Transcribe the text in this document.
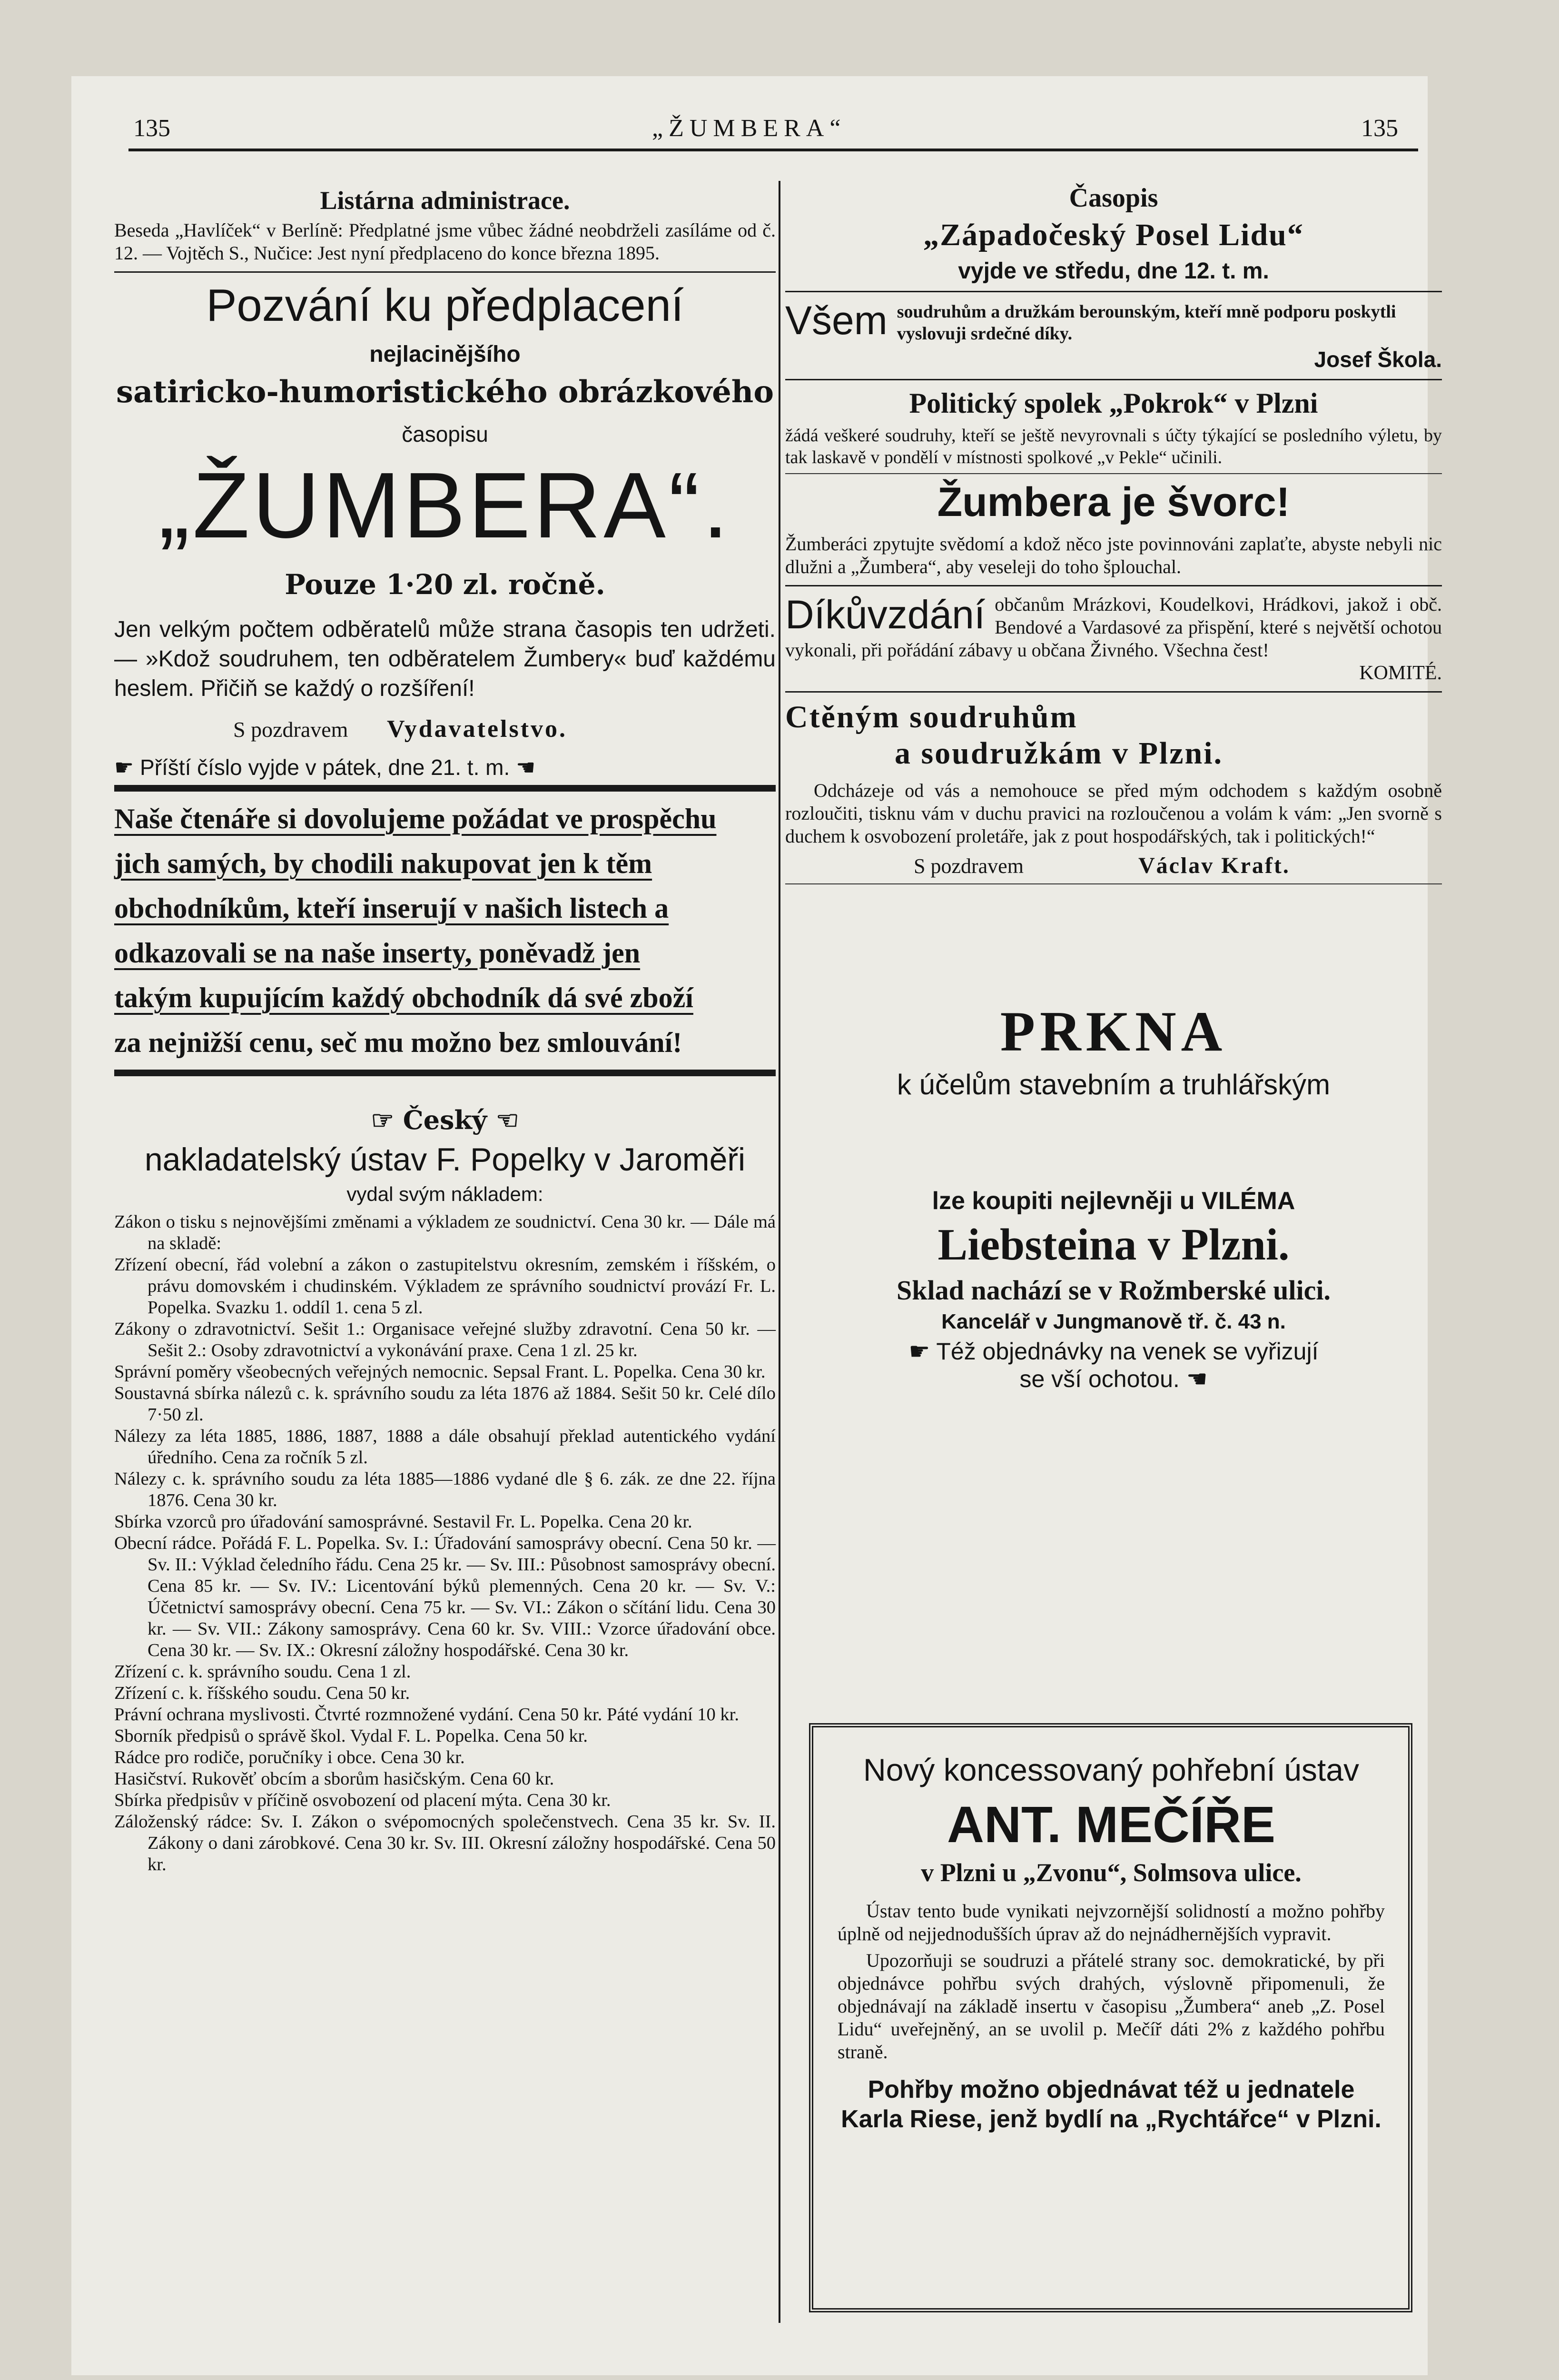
135	„ŽUMBERA“	135

Listárna administrace.

Beseda „Havlíček“ v Berlíně: Předplatné jsme vůbec žádné neobdrželi zasíláme od č. 12. — Vojtěch S., Nučice: Jest nyní předplaceno do konce března 1895.

Pozvání ku předplacení

nejlacinějšího

satiricko-humoristického obrázkového

časopisu

„ŽUMBERA“.

Pouze 1·20 zl. ročně.

Jen velkým počtem odběratelů může strana časopis ten udržeti. — »Kdož soudruhem, ten odběratelem Žumbery« buď každému heslem. Přičiň se každý o rozšíření!

S pozdravem Vydavatelstvo.

☛ Příští číslo vyjde v pátek, dne 21. t. m. ☚

Naše čtenáře si dovolujeme požádat ve prospěchu

jich samých, by chodili nakupovat jen k těm

obchodníkům, kteří inserují v našich listech a

odkazovali se na naše inserty, poněvadž jen

takým kupujícím každý obchodník dá své zboží

za nejnižší cenu, seč mu možno bez smlouvání!

☞ Český ☜

nakladatelský ústav F. Popelky v Jaroměři

vydal svým nákladem:

Zákon o tisku s nejnovějšími změnami a výkladem ze soudnictví. Cena 30 kr. — Dále má na skladě:

Zřízení obecní, řád volební a zákon o zastupitelstvu okresním, zemském i říšském, o právu domovském i chudinském. Výkladem ze správního soudnictví provází Fr. L. Popelka. Svazku 1. oddíl 1. cena 5 zl.

Zákony o zdravotnictví. Sešit 1.: Organisace veřejné služby zdravotní. Cena 50 kr. — Sešit 2.: Osoby zdravotnictví a vykonávání praxe. Cena 1 zl. 25 kr.

Správní poměry všeobecných veřejných nemocnic. Sepsal Frant. L. Popelka. Cena 30 kr.

Soustavná sbírka nálezů c. k. správního soudu za léta 1876 až 1884. Sešit 50 kr. Celé dílo 7·50 zl.

Nálezy za léta 1885, 1886, 1887, 1888 a dále obsahují překlad autentického vydání úředního. Cena za ročník 5 zl.

Nálezy c. k. správního soudu za léta 1885—1886 vydané dle § 6. zák. ze dne 22. října 1876. Cena 30 kr.

Sbírka vzorců pro úřadování samosprávné. Sestavil Fr. L. Popelka. Cena 20 kr.

Obecní rádce. Pořádá F. L. Popelka. Sv. I.: Úřadování samosprávy obecní. Cena 50 kr. — Sv. II.: Výklad čeledního řádu. Cena 25 kr. — Sv. III.: Působnost samosprávy obecní. Cena 85 kr. — Sv. IV.: Licentování býků plemenných. Cena 20 kr. — Sv. V.: Účetnictví samosprávy obecní. Cena 75 kr. — Sv. VI.: Zákon o sčítání lidu. Cena 30 kr. — Sv. VII.: Zákony samosprávy. Cena 60 kr. Sv. VIII.: Vzorce úřadování obce. Cena 30 kr. — Sv. IX.: Okresní záložny hospodářské. Cena 30 kr.

Zřízení c. k. správního soudu. Cena 1 zl.

Zřízení c. k. říšského soudu. Cena 50 kr.

Právní ochrana myslivosti. Čtvrté rozmnožené vydání. Cena 50 kr. Páté vydání 10 kr.

Sborník předpisů o správě škol. Vydal F. L. Popelka. Cena 50 kr.

Rádce pro rodiče, poručníky i obce. Cena 30 kr.

Hasičství. Rukověť obcím a sborům hasičským. Cena 60 kr.

Sbírka předpisův v příčině osvobození od placení mýta. Cena 30 kr.

Záloženský rádce: Sv. I. Zákon o svépomocných společenstvech. Cena 35 kr. Sv. II. Zákony o dani zárobkové. Cena 30 kr. Sv. III. Okresní záložny hospodářské. Cena 50 kr.

Časopis

„Západočeský Posel Lidu“

vyjde ve středu, dne 12. t. m.

Všem soudruhům a družkám berounským, kteří mně podporu poskytli vyslovuji srdečné díky.

Josef Škola.

Politický spolek „Pokrok“ v Plzni

žádá veškeré soudruhy, kteří se ještě nevyrovnali s účty týkající se posledního výletu, by tak laskavě v pondělí v místnosti spolkové „v Pekle“ učinili.

Žumbera je švorc!

Žumberáci zpytujte svědomí a kdož něco jste povinnováni zaplaťte, abyste nebyli nic dlužni a „Žumbera“, aby veseleji do toho šplouchal.

Díkůvzdání občanům Mrázkovi, Koudelkovi, Hrádkovi, jakož i obč. Bendové a Vardasové za přispění, které s největší ochotou vykonali, při pořádání zábavy u občana Živného. Všechna čest!

KOMITÉ.

Ctěným soudruhům

a soudružkám v Plzni.

Odcházeje od vás a nemohouce se před mým odchodem s každým osobně rozloučiti, tisknu vám v duchu pravici na rozloučenou a volám k vám: „Jen svorně s duchem k osvobození proletáře, jak z pout hospodářských, tak i politických!“

S pozdravem	Václav Kraft.

PRKNA

k účelům stavebním a truhlářským

lze koupiti nejlevněji u VILÉMA

Liebsteina v Plzni.

Sklad nachází se v Rožmberské ulici.

Kancelář v Jungmanově tř. č. 43 n.

☛ Též objednávky na venek se vyřizují

se vší ochotou. ☚

Nový koncessovaný pohřební ústav

ANT. MEČÍŘE

v Plzni u „Zvonu“, Solmsova ulice.

Ústav tento bude vynikati nejvzornější solidností a možno pohřby úplně od nejjednodušších úprav až do nejnádhernějších vypravit.

Upozorňuji se soudruzi a přátelé strany soc. demokratické, by při objednávce pohřbu svých drahých, výslovně připomenuli, že objednávají na základě insertu v časopisu „Žumbera“ aneb „Z. Posel Lidu“ uveřejněný, an se uvolil p. Mečíř dáti 2% z každého pohřbu straně.

Pohřby možno objednávat též u jednatele Karla Riese, jenž bydlí na „Rychtářce“ v Plzni.
